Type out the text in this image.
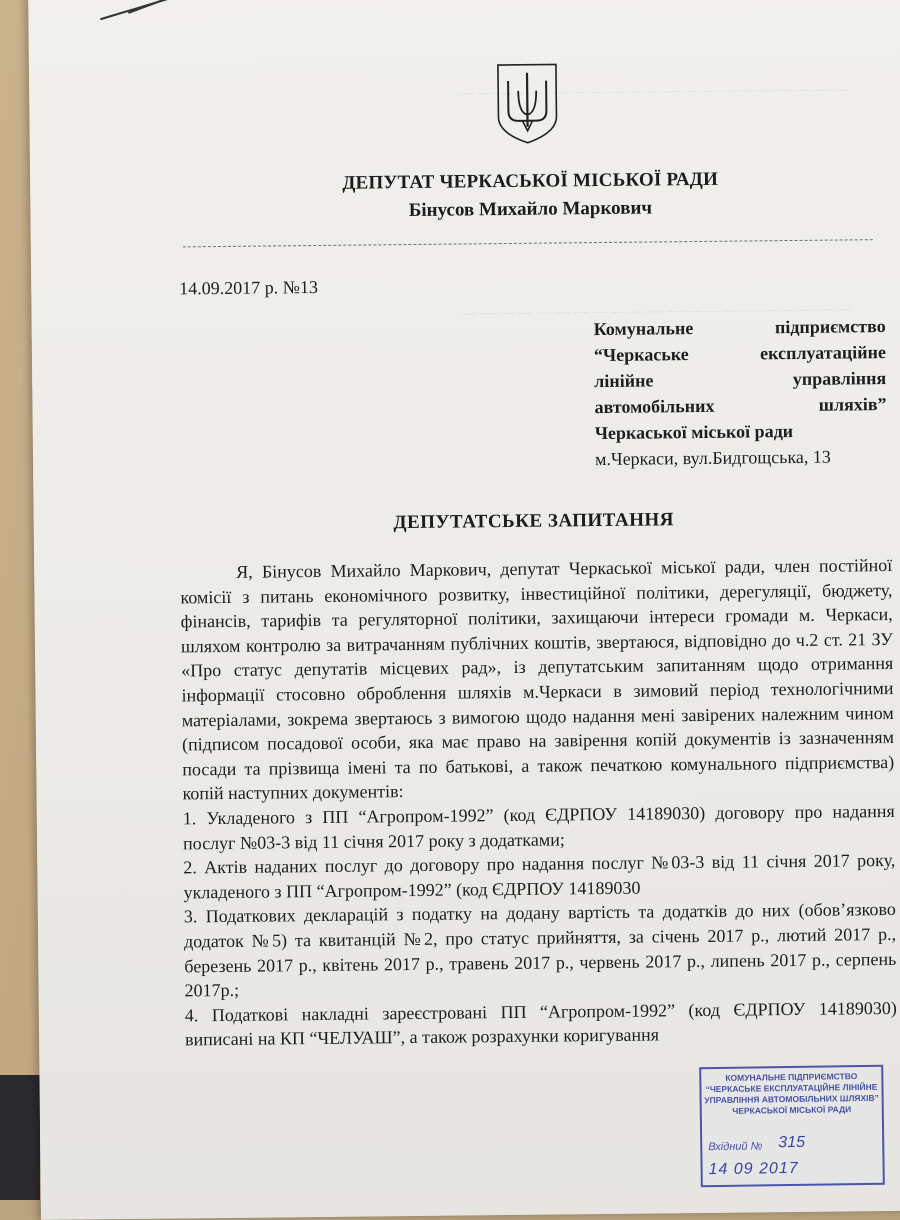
— — — — — — — — — — — — — — — — — — — — —
— — — — — — — — — — — — — — — — — — — — —
ДЕПУТАТ ЧЕРКАСЬКОЇ МІСЬКОЇ РАДИ
Бінусов Михайло Маркович
14.09.2017 р. №13
Комунальне підприємство
“Черкаське експлуатаційне
лінійне управління
автомобільних шляхів”
Черкаської міської ради
м.Черкаси, вул.Бидгощська, 13
ДЕПУТАТСЬКЕ ЗАПИТАННЯ

Я, Бінусов Михайло Маркович, депутат Черкаської міської ради, член постійної комісії з питань економічного розвитку, інвестиційної політики, дерегуляції, бюджету, фінансів, тарифів та регуляторної політики, захищаючи інтереси громади м. Черкаси, шляхом контролю за витрачанням публічних коштів, звертаюся, відповідно до ч.2 ст. 21 ЗУ «Про статус депутатів місцевих рад», із депутатським запитанням щодо отримання інформації стосовно оброблення шляхів м.Черкаси в зимовий період технологічними матеріалами, зокрема звертаюсь з вимогою щодо надання мені завірених належним чином (підписом посадової особи, яка має право на завірення копій документів із зазначенням посади та прізвища імені та по батькові, а також печаткою комунального підприємства) копій наступних документів:

1. Укладеного з ПП “Агропром-1992” (код ЄДРПОУ 14189030) договору про надання послуг №03-3 від 11 січня 2017 року з додатками;

2. Актів наданих послуг до договору про надання послуг №03-3 від 11 січня 2017 року, укладеного з ПП “Агропром-1992” (код ЄДРПОУ 14189030

3. Податкових декларацій з податку на додану вартість та додатків до них (обов’язково додаток №5) та квитанцій №2, про статус прийняття, за січень 2017 р., лютий 2017 р., березень 2017 р., квітень 2017 р., травень 2017 р., червень 2017 р., липень 2017 р., серпень 2017р.;

4. Податкові накладні зареєстровані ПП “Агропром-1992” (код ЄДРПОУ 14189030) виписані на КП “ЧЕЛУАШ”, а також розрахунки коригування

КОМУНАЛЬНЕ ПІДПРИЄМСТВО
“ЧЕРКАСЬКЕ ЕКСПЛУАТАЦІЙНЕ ЛІНІЙНЕ
УПРАВЛІННЯ АВТОМОБІЛЬНИХ ШЛЯХІВ”
ЧЕРКАСЬКОЇ МІСЬКОЇ РАДИ
Вхідний № 315
14 09 2017
